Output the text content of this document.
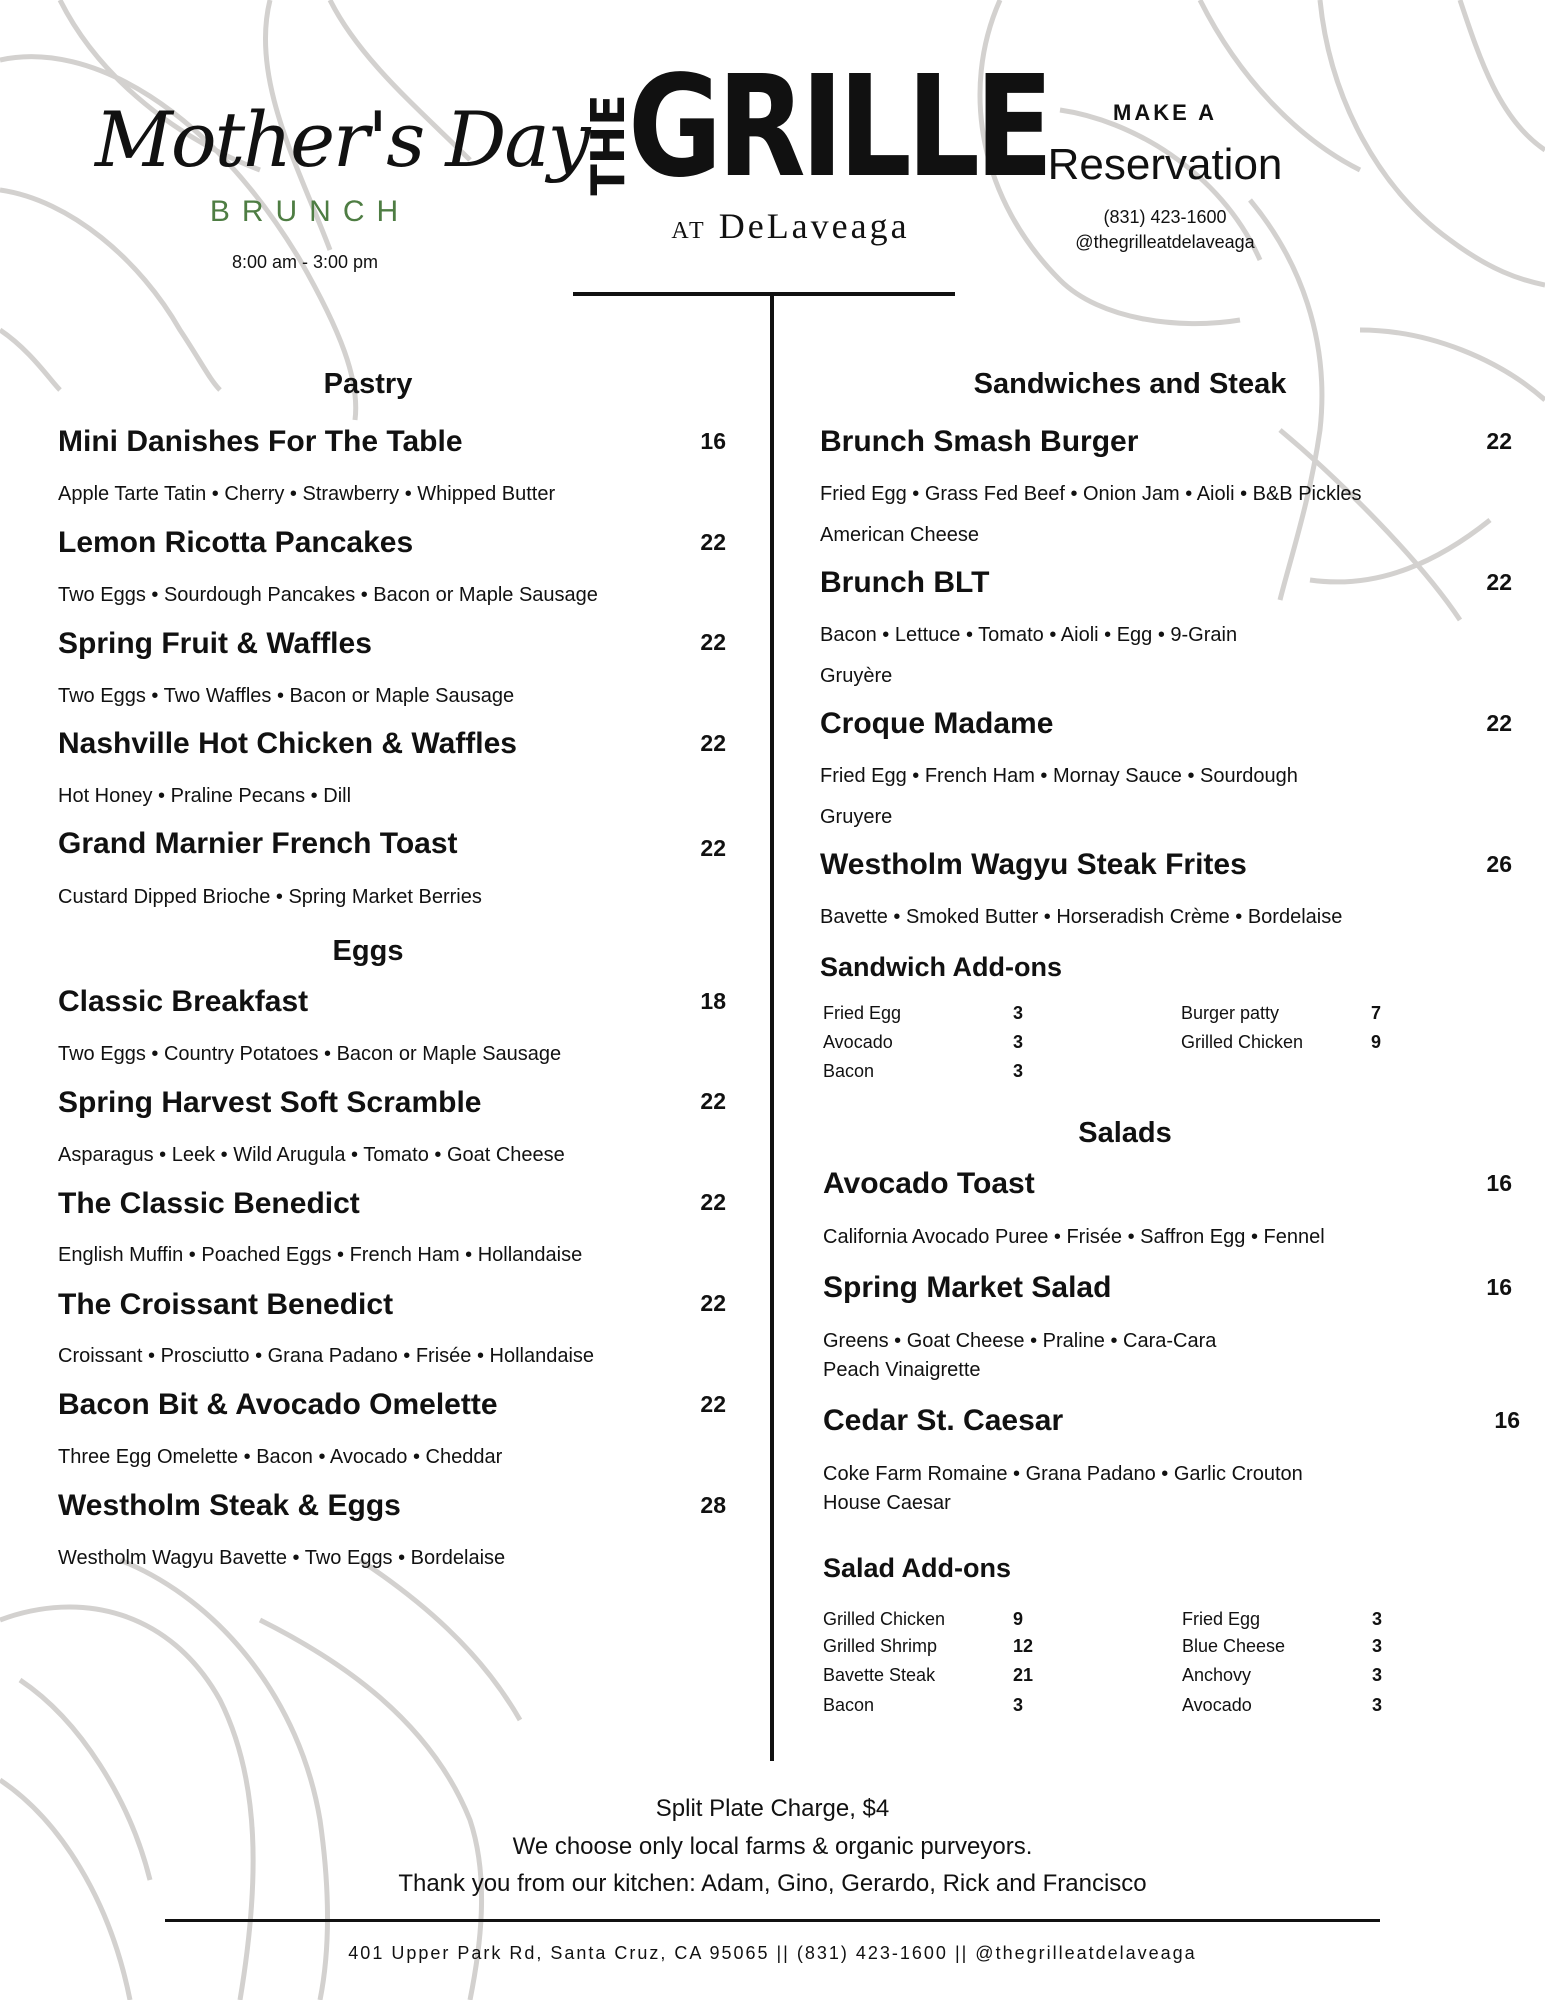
Mother's Day
BRUNCH
8:00 am - 3:00 pm
THE
GRILLE
AT DeLaveaga
MAKE A
Reservation
(831) 423-1600
@thegrilleatdelaveaga
Pastry
Mini Danishes For The Table	16
Apple Tarte Tatin • Cherry • Strawberry • Whipped Butter
Lemon Ricotta Pancakes	22
Two Eggs • Sourdough Pancakes • Bacon or Maple Sausage
Spring Fruit & Waffles	22
Two Eggs • Two Waffles • Bacon or Maple Sausage
Nashville Hot Chicken & Waffles	22
Hot Honey • Praline Pecans • Dill
Grand Marnier French Toast	22
Custard Dipped Brioche • Spring Market Berries
Eggs
Classic Breakfast	18
Two Eggs • Country Potatoes • Bacon or Maple Sausage
Spring Harvest Soft Scramble	22
Asparagus • Leek • Wild Arugula • Tomato • Goat Cheese
The Classic Benedict	22
English Muffin • Poached Eggs • French Ham • Hollandaise
The Croissant Benedict	22
Croissant • Prosciutto • Grana Padano • Frisée • Hollandaise
Bacon Bit & Avocado Omelette	22
Three Egg Omelette • Bacon • Avocado • Cheddar
Westholm Steak & Eggs	28
Westholm Wagyu Bavette • Two Eggs • Bordelaise
Sandwiches and Steak
Brunch Smash Burger	22
Fried Egg • Grass Fed Beef • Onion Jam • Aioli • B&B Pickles
American Cheese
Brunch BLT	22
Bacon • Lettuce • Tomato • Aioli • Egg • 9-Grain
Gruyère
Croque Madame	22
Fried Egg • French Ham • Mornay Sauce • Sourdough
Gruyere
Westholm Wagyu Steak Frites	26
Bavette • Smoked Butter • Horseradish Crème • Bordelaise
Sandwich Add-ons
Fried Egg	3
Avocado	3
Bacon	3
Burger patty	7
Grilled Chicken	9
Salads
Avocado Toast	16
California Avocado Puree • Frisée • Saffron Egg • Fennel
Spring Market Salad	16
Greens • Goat Cheese • Praline • Cara-Cara
Peach Vinaigrette
Cedar St. Caesar	16
Coke Farm Romaine • Grana Padano • Garlic Crouton
House Caesar
Salad Add-ons
Grilled Chicken	9
Grilled Shrimp	12
Bavette Steak	21
Bacon	3
Fried Egg	3
Blue Cheese	3
Anchovy	3
Avocado	3
Split Plate Charge, $4
We choose only local farms & organic purveyors.
Thank you from our kitchen: Adam, Gino, Gerardo, Rick and Francisco
401 Upper Park Rd, Santa Cruz, CA 95065 || (831) 423-1600 || @thegrilleatdelaveaga
